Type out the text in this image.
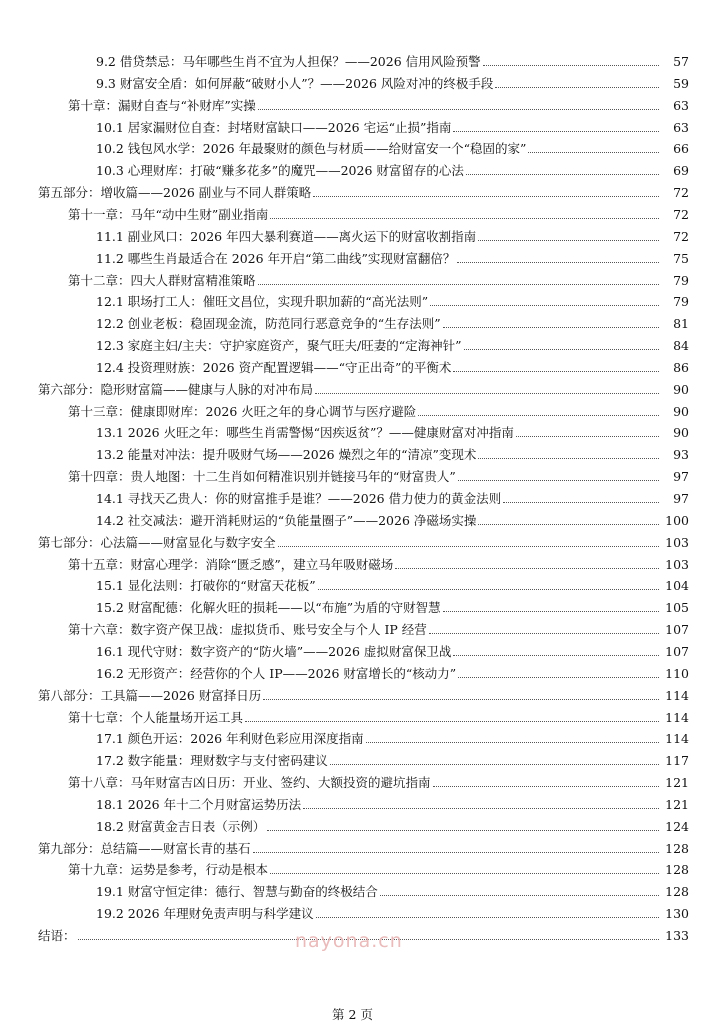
9.2 借贷禁忌：马年哪些生肖不宜为人担保？——2026 信用风险预警	57
9.3 财富安全盾：如何屏蔽“破财小人”？——2026 风险对冲的终极手段	59
第十章：漏财自查与“补财库”实操	63
10.1 居家漏财位自查：封堵财富缺口——2026 宅运“止损”指南	63
10.2 钱包风水学：2026 年最聚财的颜色与材质——给财富安一个“稳固的家”	66
10.3 心理财库：打破“赚多花多”的魔咒——2026 财富留存的心法	69
第五部分：增收篇——2026 副业与不同人群策略	72
第十一章：马年“动中生财”副业指南	72
11.1 副业风口：2026 年四大暴利赛道——离火运下的财富收割指南	72
11.2 哪些生肖最适合在 2026 年开启“第二曲线”实现财富翻倍？	75
第十二章：四大人群财富精准策略	79
12.1 职场打工人：催旺文昌位，实现升职加薪的“高光法则”	79
12.2 创业老板：稳固现金流，防范同行恶意竞争的“生存法则”	81
12.3 家庭主妇/主夫：守护家庭资产，聚气旺夫/旺妻的“定海神针”	84
12.4 投资理财族：2026 资产配置逻辑——“守正出奇”的平衡术	86
第六部分：隐形财富篇——健康与人脉的对冲布局	90
第十三章：健康即财库：2026 火旺之年的身心调节与医疗避险	90
13.1 2026 火旺之年：哪些生肖需警惕“因疾返贫”？——健康财富对冲指南	90
13.2 能量对冲法：提升吸财气场——2026 燥烈之年的“清凉”变现术	93
第十四章：贵人地图：十二生肖如何精准识别并链接马年的“财富贵人”	97
14.1 寻找天乙贵人：你的财富推手是谁？——2026 借力使力的黄金法则	97
14.2 社交减法：避开消耗财运的“负能量圈子”——2026 净磁场实操	100
第七部分：心法篇——财富显化与数字安全	103
第十五章：财富心理学：消除“匮乏感”，建立马年吸财磁场	103
15.1 显化法则：打破你的“财富天花板”	104
15.2 财富配德：化解火旺的损耗——以“布施”为盾的守财智慧	105
第十六章：数字资产保卫战：虚拟货币、账号安全与个人 IP 经营	107
16.1 现代守财：数字资产的“防火墙”——2026 虚拟财富保卫战	107
16.2 无形资产：经营你的个人 IP——2026 财富增长的“核动力”	110
第八部分：工具篇——2026 财富择日历	114
第十七章：个人能量场开运工具	114
17.1 颜色开运：2026 年利财色彩应用深度指南	114
17.2 数字能量：理财数字与支付密码建议	117
第十八章：马年财富吉凶日历：开业、签约、大额投资的避坑指南	121
18.1 2026 年十二个月财富运势历法	121
18.2 财富黄金吉日表（示例）	124
第九部分：总结篇——财富长青的基石	128
第十九章：运势是参考，行动是根本	128
19.1 财富守恒定律：德行、智慧与勤奋的终极结合	128
19.2 2026 年理财免责声明与科学建议	130
结语：	133
nayona.cn
第 2 页
